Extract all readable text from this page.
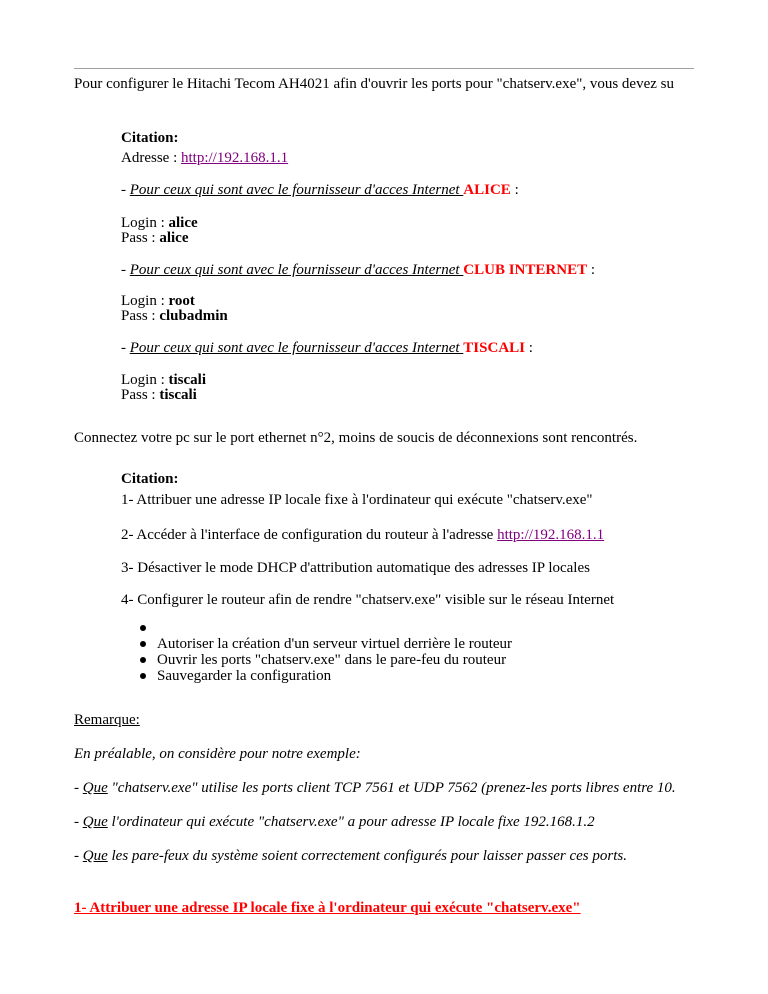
Pour configurer le Hitachi Tecom AH4021 afin d'ouvrir les ports pour "chatserv.exe", vous devez su
Citation:
Adresse : http://192.168.1.1
- Pour ceux qui sont avec le fournisseur d'acces Internet ALICE :
Login : alice
Pass : alice
- Pour ceux qui sont avec le fournisseur d'acces Internet CLUB INTERNET :
Login : root
Pass : clubadmin
- Pour ceux qui sont avec le fournisseur d'acces Internet TISCALI :
Login : tiscali
Pass : tiscali
Connectez votre pc sur le port ethernet n°2, moins de soucis de déconnexions sont rencontrés.
Citation:
1- Attribuer une adresse IP locale fixe à l'ordinateur qui exécute "chatserv.exe"
2- Accéder à l'interface de configuration du routeur à l'adresse http://192.168.1.1
3- Désactiver le mode DHCP d'attribution automatique des adresses IP locales
4- Configurer le routeur afin de rendre "chatserv.exe" visible sur le réseau Internet
Autoriser la création d'un serveur virtuel derrière le routeur
Ouvrir les ports "chatserv.exe" dans le pare-feu du routeur
Sauvegarder la configuration
Remarque:
En préalable, on considère pour notre exemple:
- Que "chatserv.exe" utilise les ports client TCP 7561 et UDP 7562 (prenez-les ports libres entre 10.
- Que l'ordinateur qui exécute "chatserv.exe" a pour adresse IP locale fixe 192.168.1.2
- Que les pare-feux du système soient correctement configurés pour laisser passer ces ports.
1- Attribuer une adresse IP locale fixe à l'ordinateur qui exécute "chatserv.exe"
